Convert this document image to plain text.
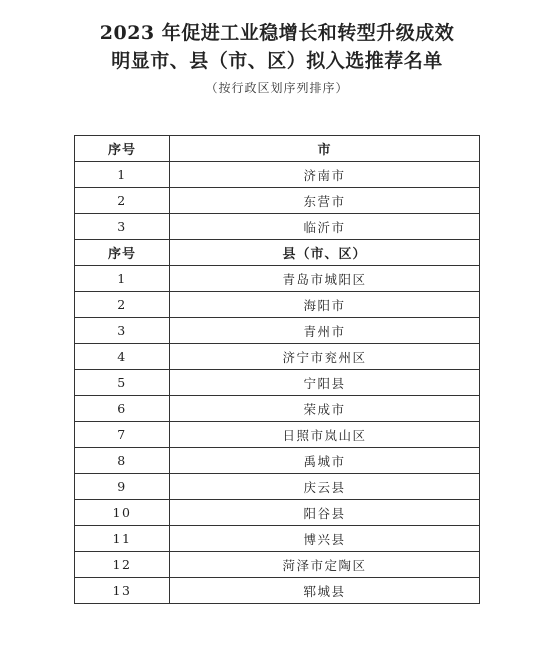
2023 年促进工业稳增长和转型升级成效
明显市、县（市、区）拟入选推荐名单
（按行政区划序列排序）
序号	市
1	济南市
2	东营市
3	临沂市
序号	县（市、区）
1	青岛市城阳区
2	海阳市
3	青州市
4	济宁市兖州区
5	宁阳县
6	荣成市
7	日照市岚山区
8	禹城市
9	庆云县
10	阳谷县
11	博兴县
12	菏泽市定陶区
13	郓城县
